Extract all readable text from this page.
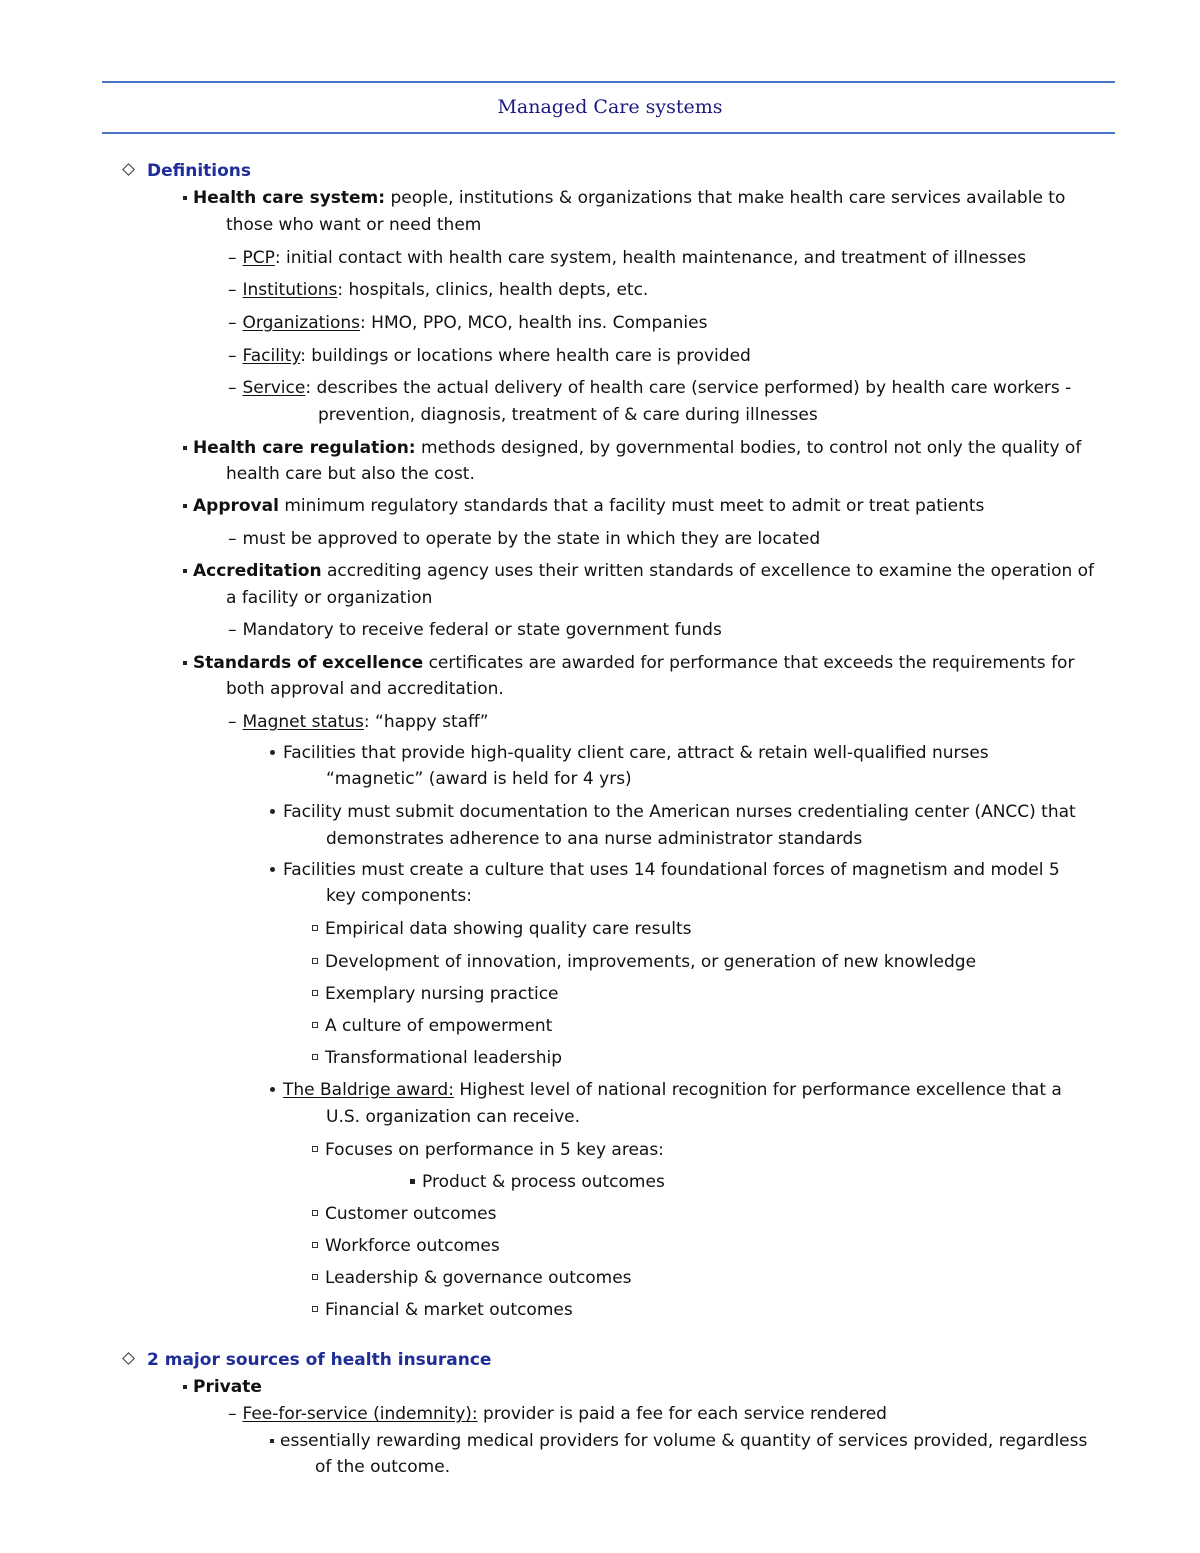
Managed Care systems
Definitions
Health care system: people, institutions & organizations that make health care services available to
those who want or need them
– PCP: initial contact with health care system, health maintenance, and treatment of illnesses
– Institutions: hospitals, clinics, health depts, etc.
– Organizations: HMO, PPO, MCO, health ins. Companies
– Facility: buildings or locations where health care is provided
– Service: describes the actual delivery of health care (service performed) by health care workers -
prevention, diagnosis, treatment of & care during illnesses
Health care regulation: methods designed, by governmental bodies, to control not only the quality of
health care but also the cost.
Approval minimum regulatory standards that a facility must meet to admit or treat patients
– must be approved to operate by the state in which they are located
Accreditation accrediting agency uses their written standards of excellence to examine the operation of
a facility or organization
– Mandatory to receive federal or state government funds
Standards of excellence certificates are awarded for performance that exceeds the requirements for
both approval and accreditation.
– Magnet status: “happy staff”
Facilities that provide high-quality client care, attract & retain well-qualified nurses
“magnetic” (award is held for 4 yrs)
Facility must submit documentation to the American nurses credentialing center (ANCC) that
demonstrates adherence to ana nurse administrator standards
Facilities must create a culture that uses 14 foundational forces of magnetism and model 5
key components:
Empirical data showing quality care results
Development of innovation, improvements, or generation of new knowledge
Exemplary nursing practice
A culture of empowerment
Transformational leadership
The Baldrige award: Highest level of national recognition for performance excellence that a
U.S. organization can receive.
Focuses on performance in 5 key areas:
Product & process outcomes
Customer outcomes
Workforce outcomes
Leadership & governance outcomes
Financial & market outcomes
2 major sources of health insurance
Private
– Fee-for-service (indemnity): provider is paid a fee for each service rendered
essentially rewarding medical providers for volume & quantity of services provided, regardless
of the outcome.
